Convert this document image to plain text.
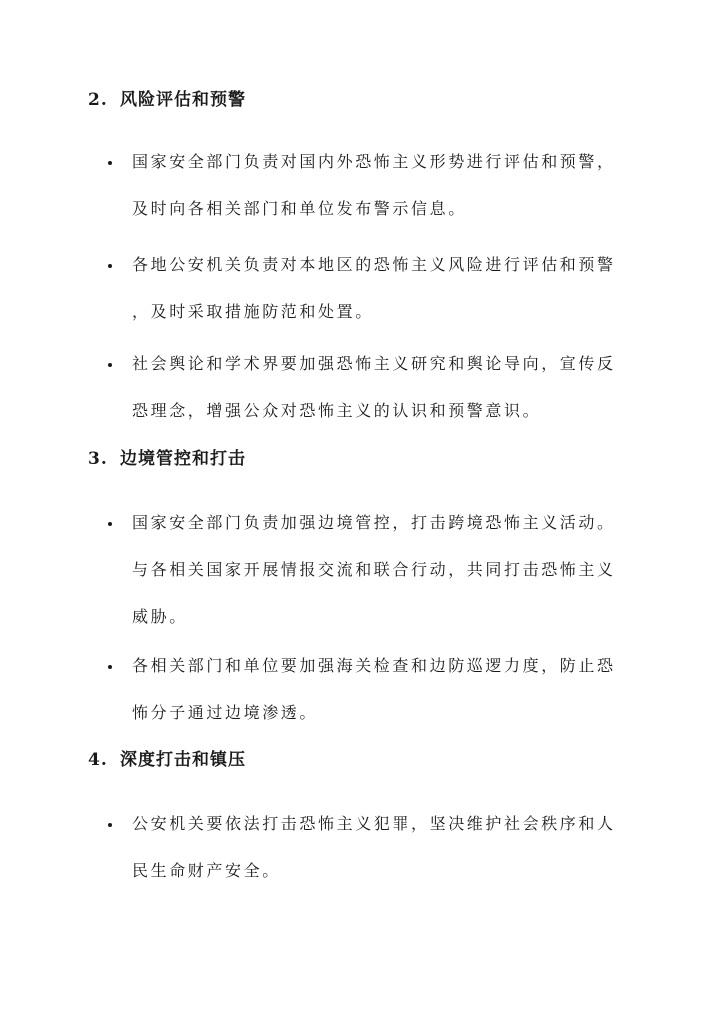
2. 风险评估和预警
国家安全部门负责对国内外恐怖主义形势进行评估和预警，
及时向各相关部门和单位发布警示信息。
各地公安机关负责对本地区的恐怖主义风险进行评估和预警
，及时采取措施防范和处置。
社会舆论和学术界要加强恐怖主义研究和舆论导向，宣传反
恐理念，增强公众对恐怖主义的认识和预警意识。
3. 边境管控和打击
国家安全部门负责加强边境管控，打击跨境恐怖主义活动。
与各相关国家开展情报交流和联合行动，共同打击恐怖主义
威胁。
各相关部门和单位要加强海关检查和边防巡逻力度，防止恐
怖分子通过边境渗透。
4. 深度打击和镇压
公安机关要依法打击恐怖主义犯罪，坚决维护社会秩序和人
民生命财产安全。
